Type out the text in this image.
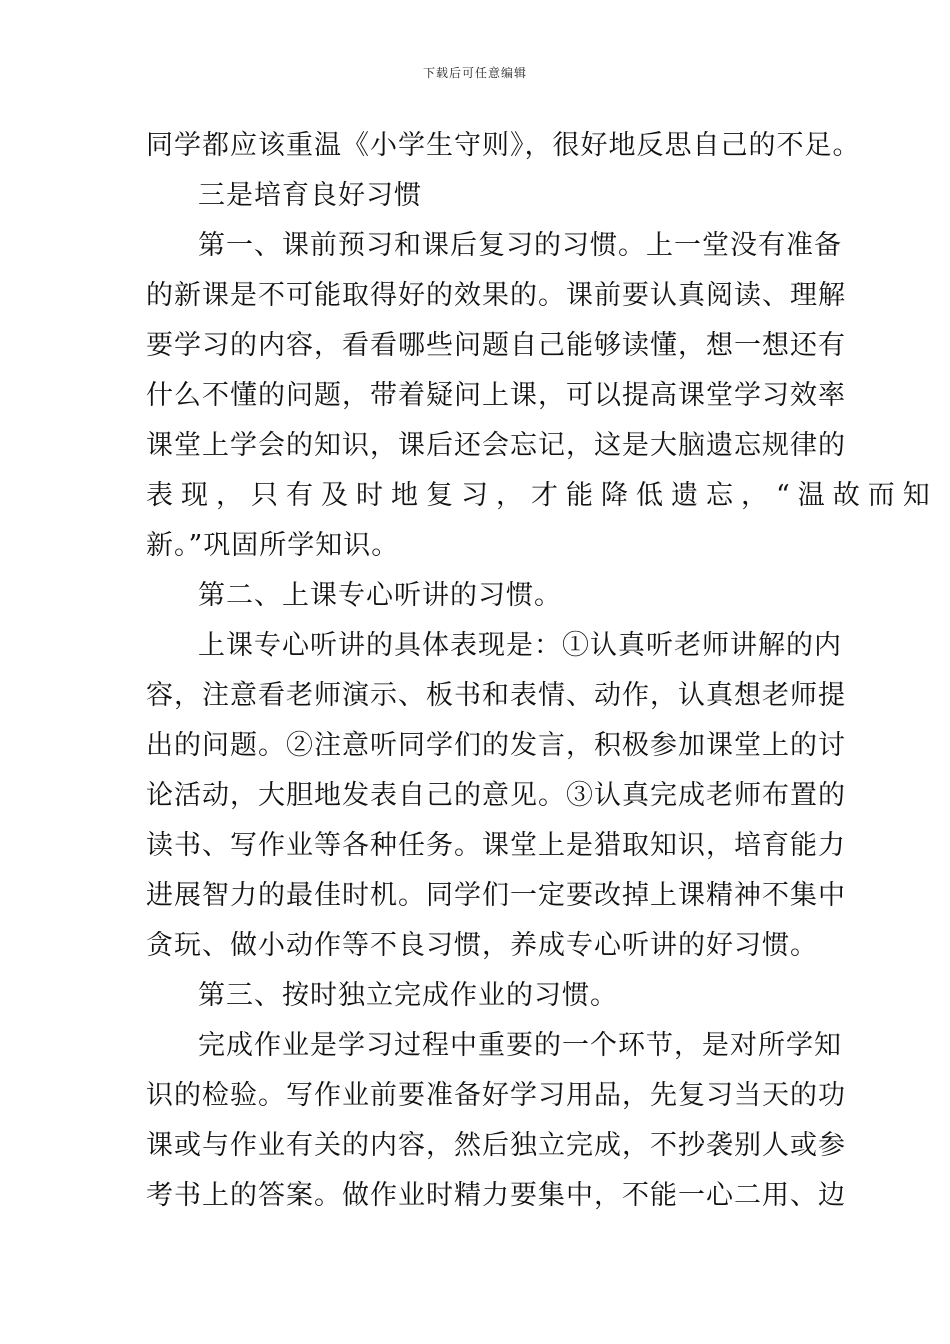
下载后可任意编辑
同学都应该重温《小学生守则》，很好地反思自己的不足。
三是培育良好习惯
第一、课前预习和课后复习的习惯。上一堂没有准备
的新课是不可能取得好的效果的。课前要认真阅读、理解
要学习的内容，看看哪些问题自己能够读懂，想一想还有
什么不懂的问题，带着疑问上课，可以提高课堂学习效率
课堂上学会的知识，课后还会忘记，这是大脑遗忘规律的
表现，只有及时地复习，才能降低遗忘，“温故而知
新。”巩固所学知识。
第二、上课专心听讲的习惯。
上课专心听讲的具体表现是：①认真听老师讲解的内
容，注意看老师演示、板书和表情、动作，认真想老师提
出的问题。②注意听同学们的发言，积极参加课堂上的讨
论活动，大胆地发表自己的意见。③认真完成老师布置的
读书、写作业等各种任务。课堂上是猎取知识，培育能力
进展智力的最佳时机。同学们一定要改掉上课精神不集中
贪玩、做小动作等不良习惯，养成专心听讲的好习惯。
第三、按时独立完成作业的习惯。
完成作业是学习过程中重要的一个环节，是对所学知
识的检验。写作业前要准备好学习用品，先复习当天的功
课或与作业有关的内容，然后独立完成，不抄袭别人或参
考书上的答案。做作业时精力要集中，不能一心二用、边
